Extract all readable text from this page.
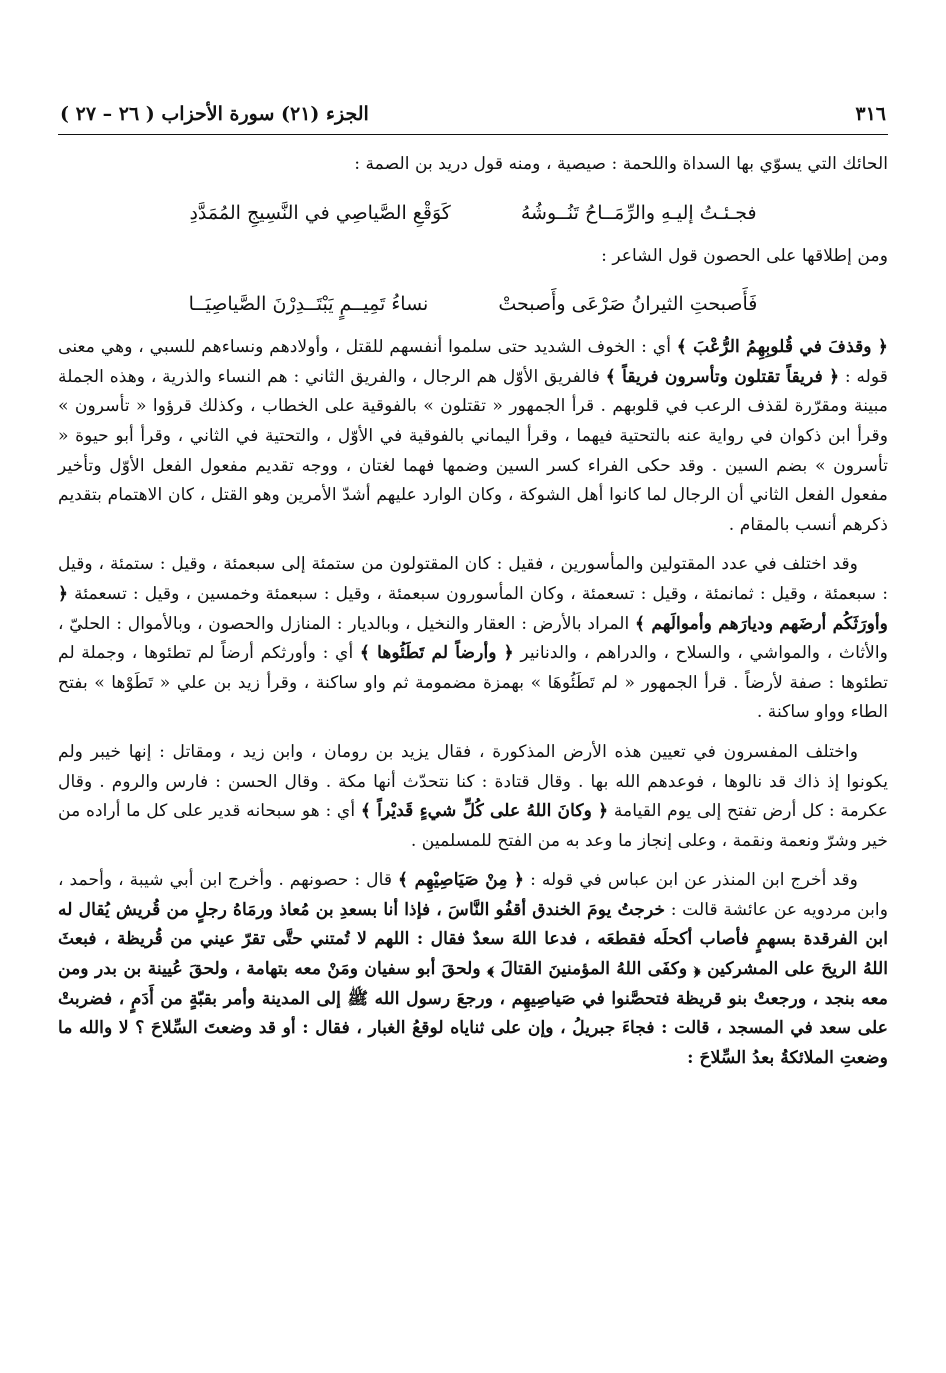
٣١٦
الجزء (٢١) سورة الأحزاب ( ٢٦ – ٢٧ )

الحائك التي يسوّي بها السداة واللحمة : صيصية ، ومنه قول دريد بن الصمة :

فجـئـتُ إليـهِ والرِّمَــاحُ تَنُــوشُهُ
كَوَقْعِ الصَّياصِي في النَّسِيجِ المُمَدَّدِ

ومن إطلاقها على الحصون قول الشاعر :

فَأَصبحتِ الثيرانُ صَرْعَى وأَصبحتْ
نساءُ تَمِيــمٍ يَبْتَــدِرْنَ الصَّياصِيَــا

﴿ وقذفَ في قُلوبِهِمُ الرُّعْبَ ﴾ أي : الخوف الشديد حتى سلموا أنفسهم للقتل ، وأولادهم ونساءهم للسبي ، وهي معنى قوله : ﴿ فريقاً تقتلون وتأسرون فريقاً ﴾ فالفريق الأوّل هم الرجال ، والفريق الثاني : هم النساء والذرية ، وهذه الجملة مبينة ومقرّرة لقذف الرعب في قلوبهم . قرأ الجمهور « تقتلون » بالفوقية على الخطاب ، وكذلك قرؤوا « تأسرون » وقرأ ابن ذكوان في رواية عنه بالتحتية فيهما ، وقرأ اليماني بالفوقية في الأوّل ، والتحتية في الثاني ، وقرأ أبو حيوة « تأسرون » بضم السين . وقد حكى الفراء كسر السين وضمها فهما لغتان ، ووجه تقديم مفعول الفعل الأوّل وتأخير مفعول الفعل الثاني أن الرجال لما كانوا أهل الشوكة ، وكان الوارد عليهم أشدّ الأمرين وهو القتل ، كان الاهتمام بتقديم ذكرهم أنسب بالمقام .

وقد اختلف في عدد المقتولين والمأسورين ، فقيل : كان المقتولون من ستمئة إلى سبعمئة ، وقيل : ستمئة ، وقيل : سبعمئة ، وقيل : ثمانمئة ، وقيل : تسعمئة ، وكان المأسورون سبعمئة ، وقيل : سبعمئة وخمسين ، وقيل : تسعمئة ﴿ وأورَثَكُم أرضَهم وديارَهم وأموالَهم ﴾ المراد بالأرض : العقار والنخيل ، وبالديار : المنازل والحصون ، وبالأموال : الحليّ ، والأثاث ، والمواشي ، والسلاح ، والدراهم ، والدنانير ﴿ وأرضاً لم تَطَئُوها ﴾ أي : وأورثكم أرضاً لم تطئوها ، وجملة لم تطئوها : صفة لأرضاً . قرأ الجمهور « لم تَطَئُوهَا » بهمزة مضمومة ثم واو ساكنة ، وقرأ زيد بن علي « تَطَوْها » بفتح الطاء وواو ساكنة .

واختلف المفسرون في تعيين هذه الأرض المذكورة ، فقال يزيد بن رومان ، وابن زيد ، ومقاتل : إنها خيبر ولم يكونوا إذ ذاك قد نالوها ، فوعدهم الله بها . وقال قتادة : كنا نتحدّث أنها مكة . وقال الحسن : فارس والروم . وقال عكرمة : كل أرض تفتح إلى يوم القيامة ﴿ وكانَ اللهُ على كُلِّ شيءٍ قَديْراً ﴾ أي : هو سبحانه قدير على كل ما أراده من خير وشرّ ونعمة ونقمة ، وعلى إنجاز ما وعد به من الفتح للمسلمين .

وقد أخرج ابن المنذر عن ابن عباس في قوله : ﴿ مِنْ صَيَاصِيْهِم ﴾ قال : حصونهم . وأخرج ابن أبي شيبة ، وأحمد ، وابن مردويه عن عائشة قالت : خرجتُ يومَ الخندق أقفُو النَّاسَ ، فإذا أنا بسعدِ بن مُعاذ ورمَاهُ رجلٍ من قُريش يُقال له ابن الفرقدة بسهمٍ فأصاب أكحلَه فقطعَه ، فدعا اللهَ سعدٌ فقال : اللهم لا تُمتني حتَّى تقرّ عيني من قُريظة ، فبعثَ اللهُ الريحَ على المشركين ﴿ وكفَى اللهُ المؤمنينَ القتالَ ﴾ ولحقَ أبو سفيان ومَنْ معه بتهامة ، ولحقَ عُيينة بن بدر ومن معه بنجد ، ورجعتْ بنو قريظة فتحصَّنوا في صَياصِيهِم ، ورجعَ رسول الله ﷺ إلى المدينة وأمر بقبّةٍ من أَدَمٍ ، فضربتْ على سعد في المسجد ، قالت : فجاءَ جبريلُ ، وإن على ثناياه لوقعُ الغبار ، فقال : أو قد وضعتَ السِّلاحَ ؟ لا والله ما وضعتِ الملائكةُ بعدُ السِّلاحَ :
